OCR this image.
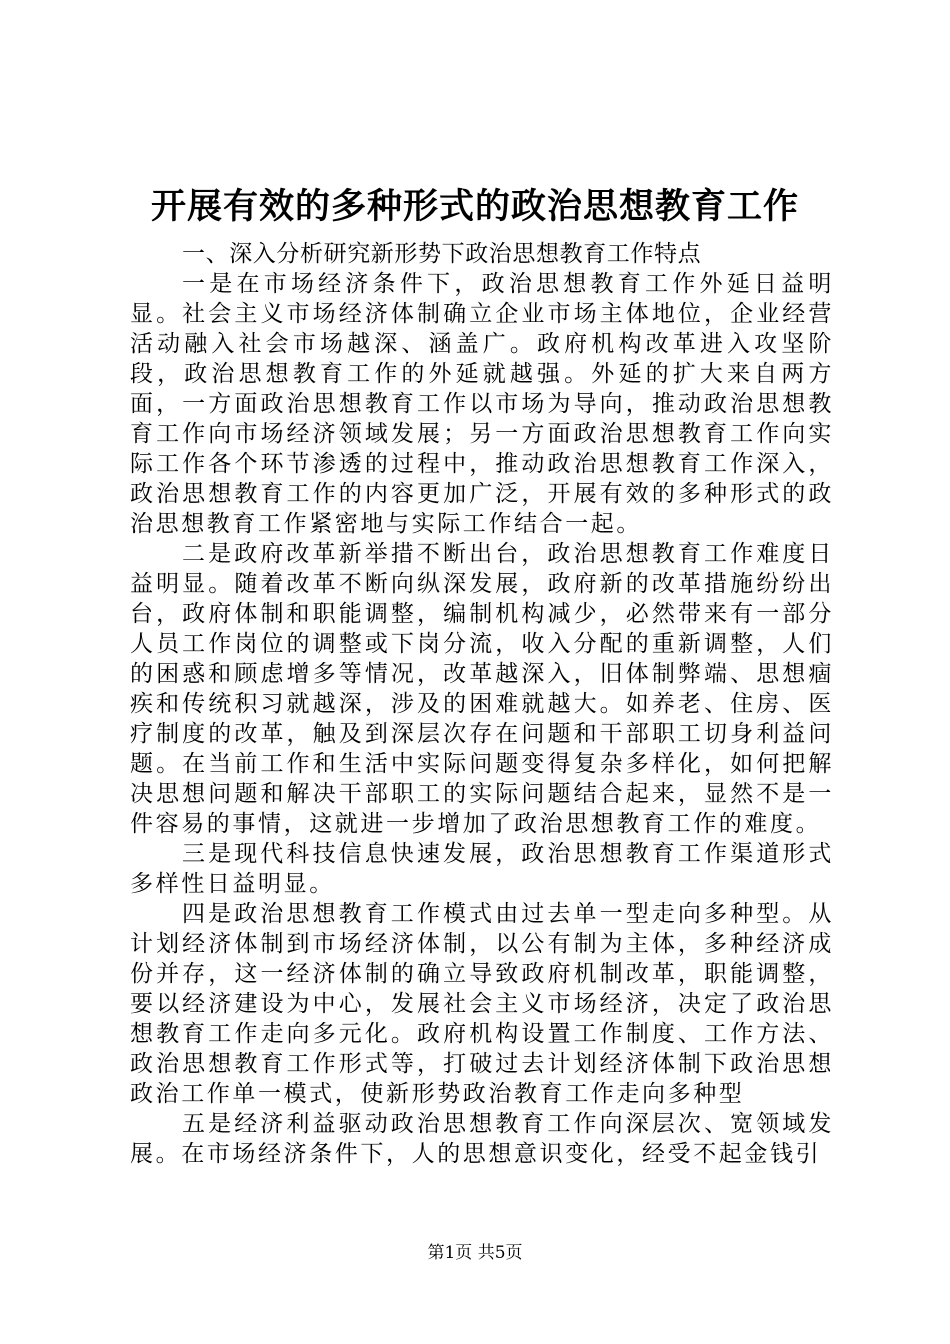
开展有效的多种形式的政治思想教育工作

一、深入分析研究新形势下政治思想教育工作特点

一是在市场经济条件下，政治思想教育工作外延日益明显。社会主义市场经济体制确立企业市场主体地位，企业经营活动融入社会市场越深、涵盖广。政府机构改革进入攻坚阶段，政治思想教育工作的外延就越强。外延的扩大来自两方面，一方面政治思想教育工作以市场为导向，推动政治思想教育工作向市场经济领域发展；另一方面政治思想教育工作向实际工作各个环节渗透的过程中，推动政治思想教育工作深入，政治思想教育工作的内容更加广泛，开展有效的多种形式的政治思想教育工作紧密地与实际工作结合一起。

二是政府改革新举措不断出台，政治思想教育工作难度日益明显。随着改革不断向纵深发展，政府新的改革措施纷纷出台，政府体制和职能调整，编制机构减少，必然带来有一部分人员工作岗位的调整或下岗分流，收入分配的重新调整，人们的困惑和顾虑增多等情况，改革越深入，旧体制弊端、思想痼疾和传统积习就越深，涉及的困难就越大。如养老、住房、医疗制度的改革，触及到深层次存在问题和干部职工切身利益问题。在当前工作和生活中实际问题变得复杂多样化，如何把解决思想问题和解决干部职工的实际问题结合起来，显然不是一件容易的事情，这就进一步增加了政治思想教育工作的难度。

三是现代科技信息快速发展，政治思想教育工作渠道形式多样性日益明显。

四是政治思想教育工作模式由过去单一型走向多种型。从计划经济体制到市场经济体制，以公有制为主体，多种经济成份并存，这一经济体制的确立导致政府机制改革，职能调整，要以经济建设为中心，发展社会主义市场经济，决定了政治思想教育工作走向多元化。政府机构设置工作制度、工作方法、政治思想教育工作形式等，打破过去计划经济体制下政治思想政治工作单一模式，使新形势政治教育工作走向多种型

五是经济利益驱动政治思想教育工作向深层次、宽领域发展。在市场经济条件下，人的思想意识变化，经受不起金钱引

第1页 共5页
